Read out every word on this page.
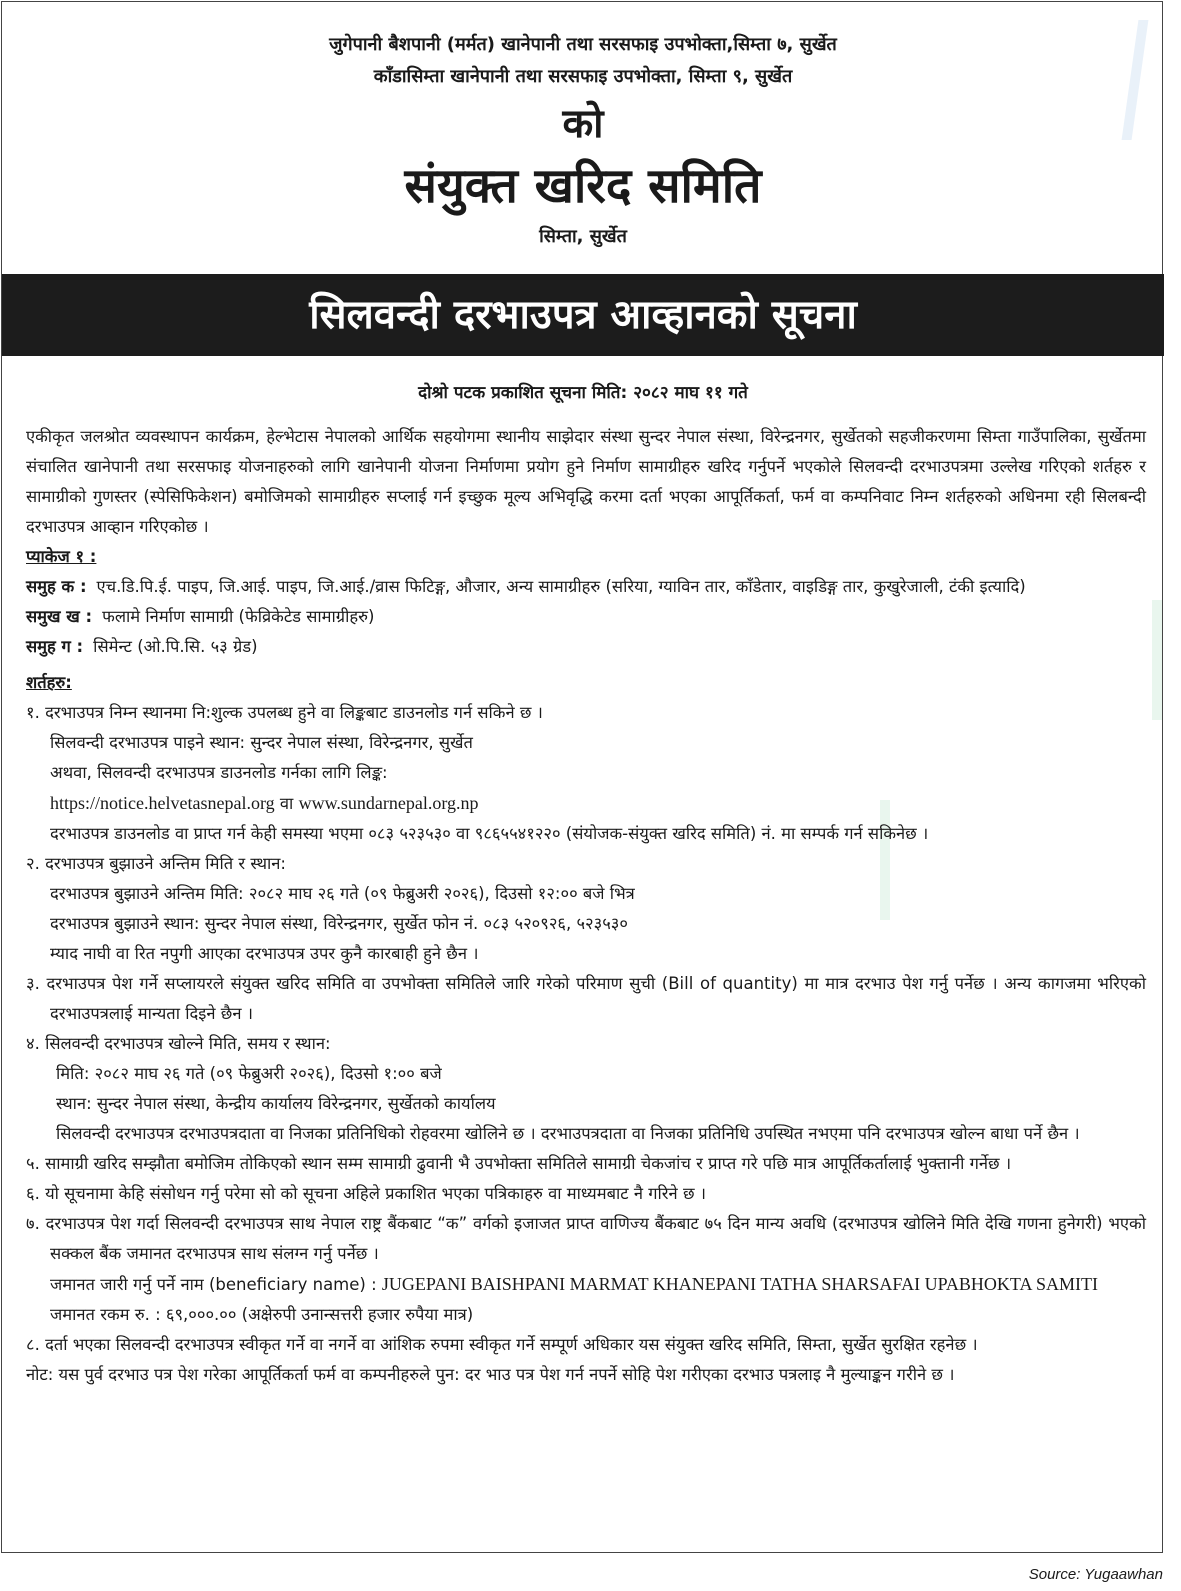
जुगेपानी बैशपानी (मर्मत) खानेपानी तथा सरसफाइ उपभोक्ता,सिम्ता ७, सुर्खेत
काँडासिम्ता खानेपानी तथा सरसफाइ उपभोक्ता, सिम्ता ९, सुर्खेत
को
संयुक्त खरिद समिति
सिम्ता, सुर्खेत
सिलवन्दी दरभाउपत्र आव्हानको सूचना
दोश्रो पटक प्रकाशित सूचना मिति: २०८२ माघ ११ गते
एकीकृत जलश्रोत व्यवस्थापन कार्यक्रम, हेल्भेटास नेपालको आर्थिक सहयोगमा स्थानीय साझेदार संस्था सुन्दर नेपाल संस्था, विरेन्द्रनगर, सुर्खेतको सहजीकरणमा सिम्ता गाउँपालिका, सुर्खेतमा संचालित खानेपानी तथा सरसफाइ योजनाहरुको लागि खानेपानी योजना निर्माणमा प्रयोग हुने निर्माण सामाग्रीहरु खरिद गर्नुपर्ने भएकोले सिलवन्दी दरभाउपत्रमा उल्लेख गरिएको शर्तहरु र सामाग्रीको गुणस्तर (स्पेसिफिकेशन) बमोजिमको सामाग्रीहरु सप्लाई गर्न इच्छुक मूल्य अभिवृद्धि करमा दर्ता भएका आपूर्तिकर्ता, फर्म वा कम्पनिवाट निम्न शर्तहरुको अधिनमा रही सिलबन्दी दरभाउपत्र आव्हान गरिएकोछ ।
प्याकेज १ :
समुह क : एच.डि.पि.ई. पाइप, जि.आई. पाइप, जि.आई./व्रास फिटिङ्ग, औजार, अन्य सामाग्रीहरु (सरिया, ग्याविन तार, काँडेतार, वाइडिङ्ग तार, कुखुरेजाली, टंकी इत्यादि)
समुख ख : फलामे निर्माण सामाग्री (फेव्रिकेटेड सामाग्रीहरु)
समुह ग : सिमेन्ट (ओ.पि.सि. ५३ ग्रेड)
शर्तहरु:
१. दरभाउपत्र निम्न स्थानमा नि:शुल्क उपलब्ध हुने वा लिङ्कबाट डाउनलोड गर्न सकिने छ ।
सिलवन्दी दरभाउपत्र पाइने स्थान: सुन्दर नेपाल संस्था, विरेन्द्रनगर, सुर्खेत
अथवा, सिलवन्दी दरभाउपत्र डाउनलोड गर्नका लागि लिङ्क:
https://notice.helvetasnepal.org वा www.sundarnepal.org.np
दरभाउपत्र डाउनलोड वा प्राप्त गर्न केही समस्या भएमा ०८३ ५२३५३० वा ९८६५५४१२२० (संयोजक-संयुक्त खरिद समिति) नं. मा सम्पर्क गर्न सकिनेछ ।
२. दरभाउपत्र बुझाउने अन्तिम मिति र स्थान:
दरभाउपत्र बुझाउने अन्तिम मिति: २०८२ माघ २६ गते (०९ फेब्रुअरी २०२६), दिउसो १२:०० बजे भित्र
दरभाउपत्र बुझाउने स्थान: सुन्दर नेपाल संस्था, विरेन्द्रनगर, सुर्खेत फोन नं. ०८३ ५२०९२६, ५२३५३०
म्याद नाघी वा रित नपुगी आएका दरभाउपत्र उपर कुनै कारबाही हुने छैन ।
३. दरभाउपत्र पेश गर्ने सप्लायरले संयुक्त खरिद समिति वा उपभोक्ता समितिले जारि गरेको परिमाण सुची (Bill of quantity) मा मात्र दरभाउ पेश गर्नु पर्नेछ । अन्य कागजमा भरिएको दरभाउपत्रलाई मान्यता दिइने छैन ।
४. सिलवन्दी दरभाउपत्र खोल्ने मिति, समय र स्थान:
मिति: २०८२ माघ २६ गते (०९ फेब्रुअरी २०२६), दिउसो १:०० बजे
स्थान: सुन्दर नेपाल संस्था, केन्द्रीय कार्यालय विरेन्द्रनगर, सुर्खेतको कार्यालय
सिलवन्दी दरभाउपत्र दरभाउपत्रदाता वा निजका प्रतिनिधिको रोहवरमा खोलिने छ । दरभाउपत्रदाता वा निजका प्रतिनिधि उपस्थित नभएमा पनि दरभाउपत्र खोल्न बाधा पर्ने छैन ।
५. सामाग्री खरिद सम्झौता बमोजिम तोकिएको स्थान सम्म सामाग्री ढुवानी भै उपभोक्ता समितिले सामाग्री चेकजांच र प्राप्त गरे पछि मात्र आपूर्तिकर्तालाई भुक्तानी गर्नेछ ।
६. यो सूचनामा केहि संसोधन गर्नु परेमा सो को सूचना अहिले प्रकाशित भएका पत्रिकाहरु वा माध्यमबाट नै गरिने छ ।
७. दरभाउपत्र पेश गर्दा सिलवन्दी दरभाउपत्र साथ नेपाल राष्ट्र बैंकबाट “क” वर्गको इजाजत प्राप्त वाणिज्य बैंकबाट ७५ दिन मान्य अवधि (दरभाउपत्र खोलिने मिति देखि गणना हुनेगरी) भएको सक्कल बैंक जमानत दरभाउपत्र साथ संलग्न गर्नु पर्नेछ ।
जमानत जारी गर्नु पर्ने नाम (beneficiary name) : JUGEPANI BAISHPANI MARMAT KHANEPANI TATHA SHARSAFAI UPABHOKTA SAMITI
जमानत रकम रु. : ६९,०००.०० (अक्षेरुपी उनान्सत्तरी हजार रुपैया मात्र)
८. दर्ता भएका सिलवन्दी दरभाउपत्र स्वीकृत गर्ने वा नगर्ने वा आंशिक रुपमा स्वीकृत गर्ने सम्पूर्ण अधिकार यस संयुक्त खरिद समिति, सिम्ता, सुर्खेत सुरक्षित रहनेछ ।
नोट: यस पुर्व दरभाउ पत्र पेश गरेका आपूर्तिकर्ता फर्म वा कम्पनीहरुले पुन: दर भाउ पत्र पेश गर्न नपर्ने सोहि पेश गरीएका दरभाउ पत्रलाइ नै मुल्याङ्कन गरीने छ ।
Source: Yugaawhan
